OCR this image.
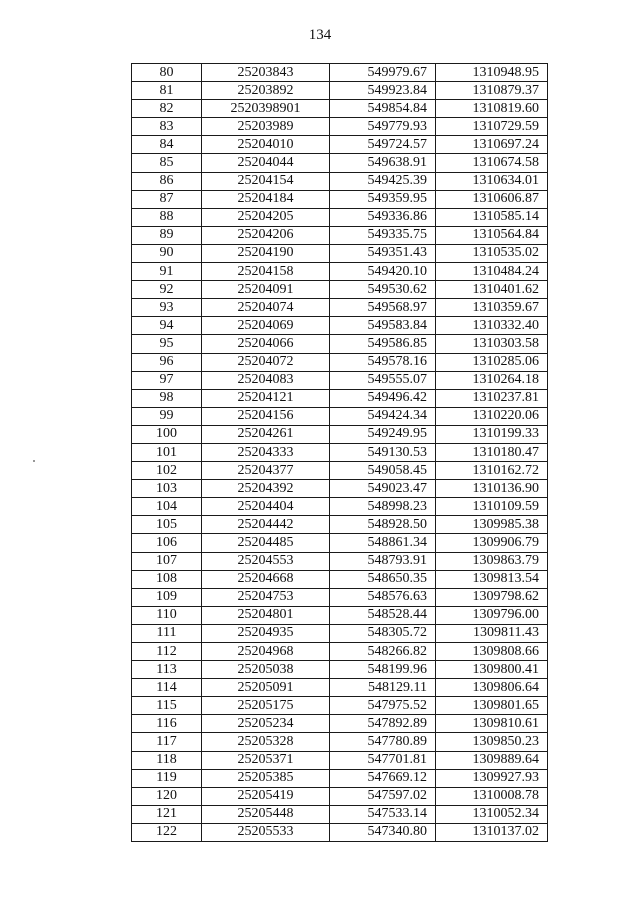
134
80	25203843	549979.67	1310948.95
81	25203892	549923.84	1310879.37
82	2520398901	549854.84	1310819.60
83	25203989	549779.93	1310729.59
84	25204010	549724.57	1310697.24
85	25204044	549638.91	1310674.58
86	25204154	549425.39	1310634.01
87	25204184	549359.95	1310606.87
88	25204205	549336.86	1310585.14
89	25204206	549335.75	1310564.84
90	25204190	549351.43	1310535.02
91	25204158	549420.10	1310484.24
92	25204091	549530.62	1310401.62
93	25204074	549568.97	1310359.67
94	25204069	549583.84	1310332.40
95	25204066	549586.85	1310303.58
96	25204072	549578.16	1310285.06
97	25204083	549555.07	1310264.18
98	25204121	549496.42	1310237.81
99	25204156	549424.34	1310220.06
100	25204261	549249.95	1310199.33
101	25204333	549130.53	1310180.47
102	25204377	549058.45	1310162.72
103	25204392	549023.47	1310136.90
104	25204404	548998.23	1310109.59
105	25204442	548928.50	1309985.38
106	25204485	548861.34	1309906.79
107	25204553	548793.91	1309863.79
108	25204668	548650.35	1309813.54
109	25204753	548576.63	1309798.62
110	25204801	548528.44	1309796.00
111	25204935	548305.72	1309811.43
112	25204968	548266.82	1309808.66
113	25205038	548199.96	1309800.41
114	25205091	548129.11	1309806.64
115	25205175	547975.52	1309801.65
116	25205234	547892.89	1309810.61
117	25205328	547780.89	1309850.23
118	25205371	547701.81	1309889.64
119	25205385	547669.12	1309927.93
120	25205419	547597.02	1310008.78
121	25205448	547533.14	1310052.34
122	25205533	547340.80	1310137.02
